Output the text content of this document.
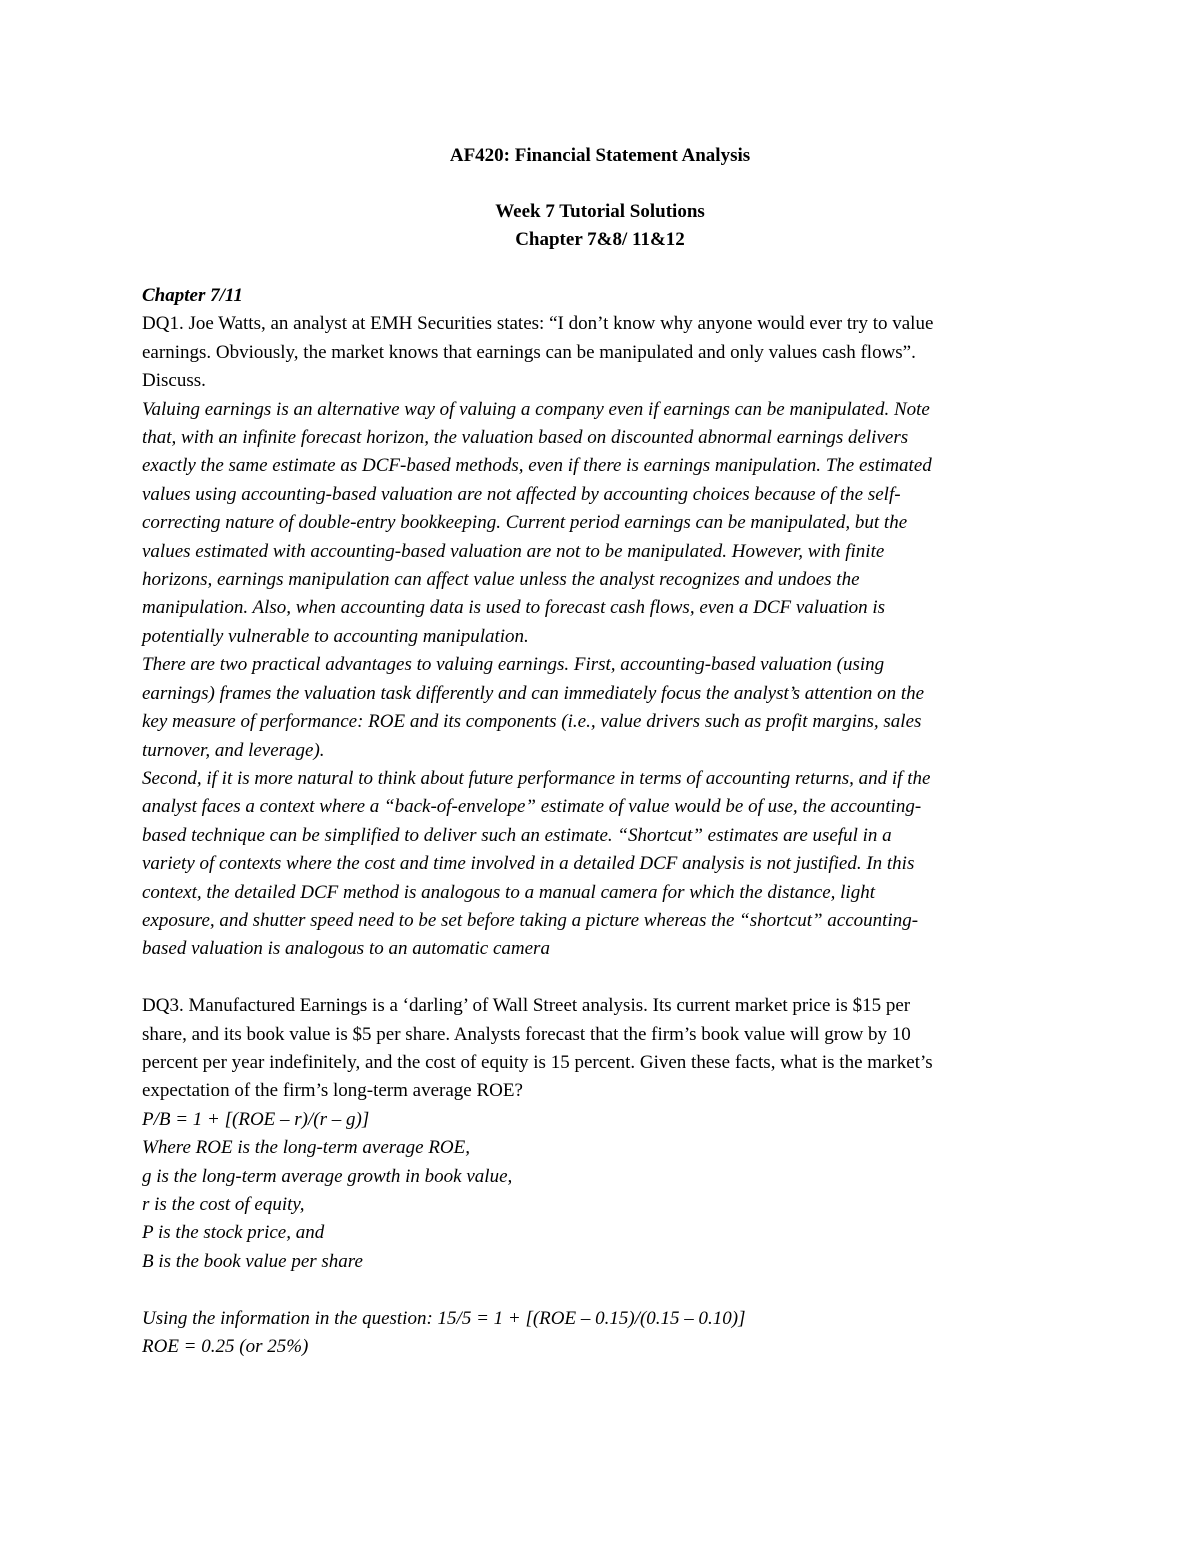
AF420: Financial Statement Analysis
Week 7 Tutorial Solutions
Chapter 7&8/ 11&12
Chapter 7/11
DQ1. Joe Watts, an analyst at EMH Securities states: “I don’t know why anyone would ever try to value
earnings. Obviously, the market knows that earnings can be manipulated and only values cash flows”.
Discuss.
Valuing earnings is an alternative way of valuing a company even if earnings can be manipulated. Note
that, with an infinite forecast horizon, the valuation based on discounted abnormal earnings delivers
exactly the same estimate as DCF-based methods, even if there is earnings manipulation. The estimated
values using accounting-based valuation are not affected by accounting choices because of the self-
correcting nature of double-entry bookkeeping. Current period earnings can be manipulated, but the
values estimated with accounting-based valuation are not to be manipulated. However, with finite
horizons, earnings manipulation can affect value unless the analyst recognizes and undoes the
manipulation. Also, when accounting data is used to forecast cash flows, even a DCF valuation is
potentially vulnerable to accounting manipulation.
There are two practical advantages to valuing earnings. First, accounting-based valuation (using
earnings) frames the valuation task differently and can immediately focus the analyst’s attention on the
key measure of performance: ROE and its components (i.e., value drivers such as profit margins, sales
turnover, and leverage).
Second, if it is more natural to think about future performance in terms of accounting returns, and if the
analyst faces a context where a “back-of-envelope” estimate of value would be of use, the accounting-
based technique can be simplified to deliver such an estimate. “Shortcut” estimates are useful in a
variety of contexts where the cost and time involved in a detailed DCF analysis is not justified. In this
context, the detailed DCF method is analogous to a manual camera for which the distance, light
exposure, and shutter speed need to be set before taking a picture whereas the “shortcut” accounting-
based valuation is analogous to an automatic camera
DQ3. Manufactured Earnings is a ‘darling’ of Wall Street analysis. Its current market price is $15 per
share, and its book value is $5 per share. Analysts forecast that the firm’s book value will grow by 10
percent per year indefinitely, and the cost of equity is 15 percent. Given these facts, what is the market’s
expectation of the firm’s long-term average ROE?
P/B = 1 + [(ROE – r)/(r – g)]
Where ROE is the long-term average ROE,
g is the long-term average growth in book value,
r is the cost of equity,
P is the stock price, and
B is the book value per share
Using the information in the question: 15/5 = 1 + [(ROE – 0.15)/(0.15 – 0.10)]
ROE = 0.25 (or 25%)
